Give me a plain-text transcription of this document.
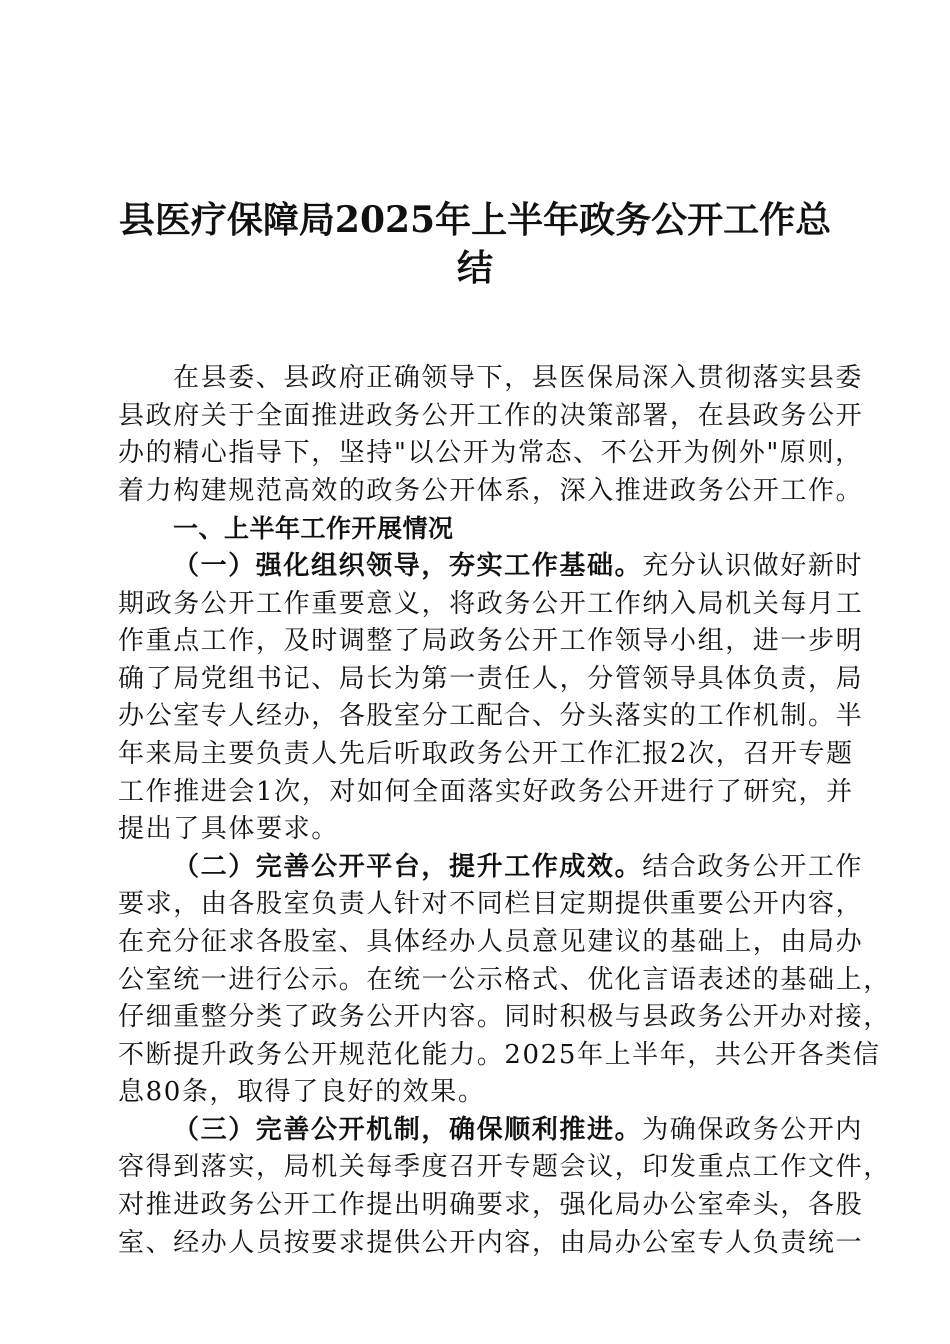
县医疗保障局2025年上半年政务公开工作总
结
在县委、县政府正确领导下，县医保局深入贯彻落实县委
县政府关于全面推进政务公开工作的决策部署，在县政务公开
办的精心指导下，坚持"以公开为常态、不公开为例外"原则，
着力构建规范高效的政务公开体系，深入推进政务公开工作。
一、上半年工作开展情况
（一）强化组织领导，夯实工作基础。充分认识做好新时
期政务公开工作重要意义，将政务公开工作纳入局机关每月工
作重点工作，及时调整了局政务公开工作领导小组，进一步明
确了局党组书记、局长为第一责任人，分管领导具体负责，局
办公室专人经办，各股室分工配合、分头落实的工作机制。半
年来局主要负责人先后听取政务公开工作汇报2次，召开专题
工作推进会1次，对如何全面落实好政务公开进行了研究，并
提出了具体要求。
（二）完善公开平台，提升工作成效。结合政务公开工作
要求，由各股室负责人针对不同栏目定期提供重要公开内容，
在充分征求各股室、具体经办人员意见建议的基础上，由局办
公室统一进行公示。在统一公示格式、优化言语表述的基础上，
仔细重整分类了政务公开内容。同时积极与县政务公开办对接，
不断提升政务公开规范化能力。2025年上半年，共公开各类信
息80条，取得了良好的效果。
（三）完善公开机制，确保顺利推进。为确保政务公开内
容得到落实，局机关每季度召开专题会议，印发重点工作文件，
对推进政务公开工作提出明确要求，强化局办公室牵头，各股
室、经办人员按要求提供公开内容，由局办公室专人负责统一
